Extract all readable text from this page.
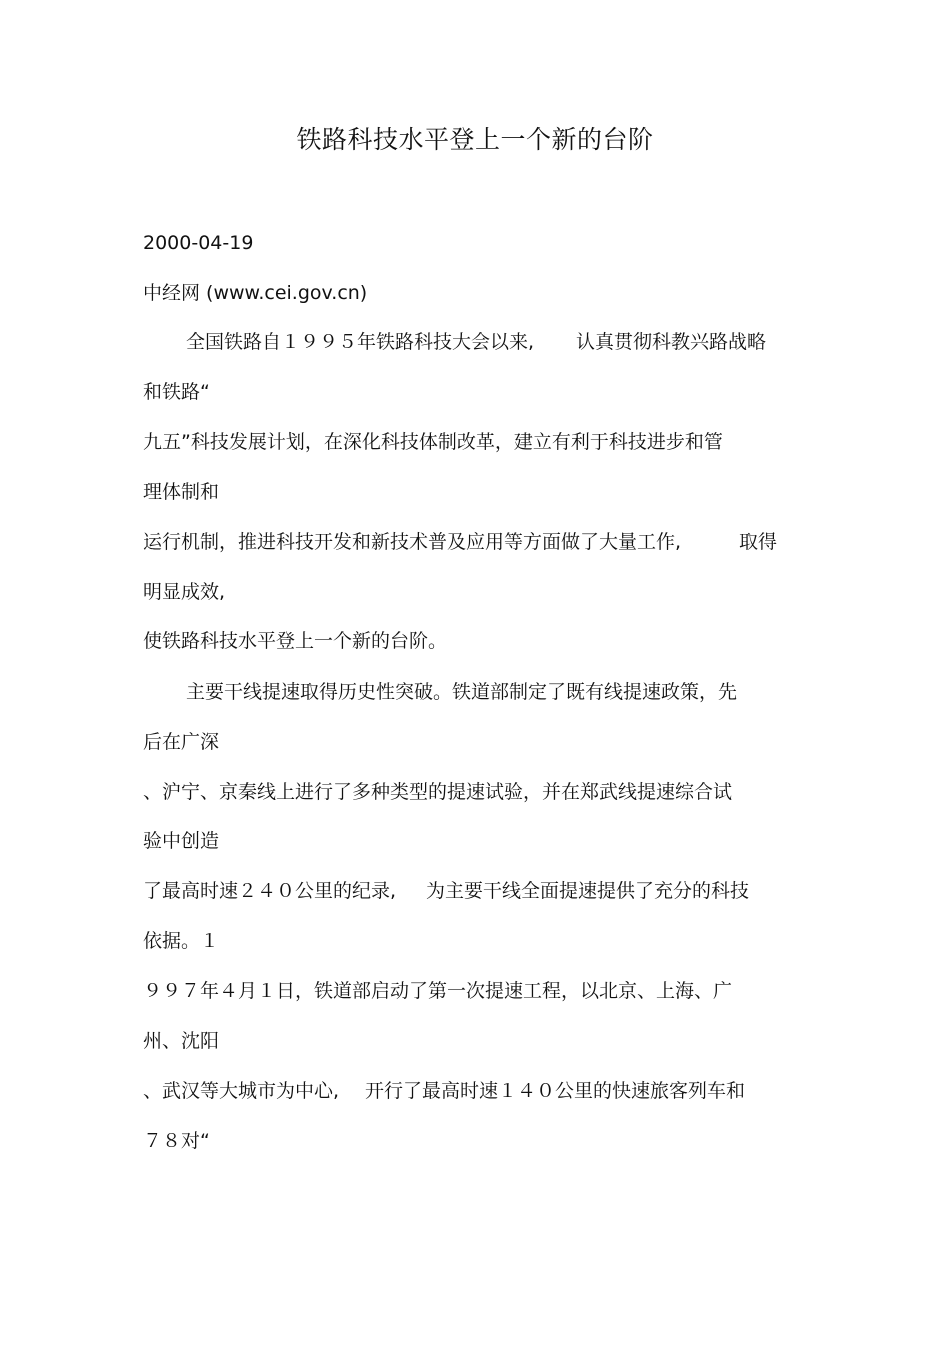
铁路科技水平登上一个新的台阶
2000-04-19
中经网 (www.cei.gov.cn)
全国铁路自１９９５年铁路科技大会以来, 认真贯彻科教兴路战略
和铁路“
九五”科技发展计划，在深化科技体制改革，建立有利于科技进步和管
理体制和
运行机制，推进科技开发和新技术普及应用等方面做了大量工作,	取得
明显成效,
使铁路科技水平登上一个新的台阶。
主要干线提速取得历史性突破。铁道部制定了既有线提速政策，先
后在广深
、沪宁、京秦线上进行了多种类型的提速试验，并在郑武线提速综合试
验中创造
了最高时速２４０公里的纪录, 为主要干线全面提速提供了充分的科技
依据。１
９９７年４月１日，铁道部启动了第一次提速工程，以北京、上海、广
州、沈阳
、武汉等大城市为中心, 开行了最高时速１４０公里的快速旅客列车和
７８对“
